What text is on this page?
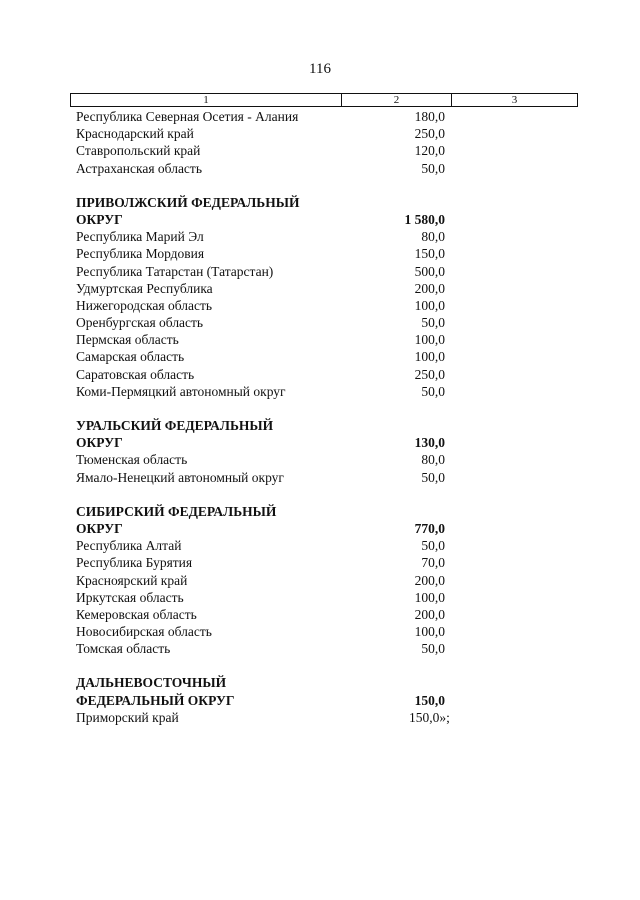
116
1	2	3
Республика Северная Осетия - Алания	180,0
Краснодарский край	250,0
Ставропольский край	120,0
Астраханская область	50,0
ПРИВОЛЖСКИЙ ФЕДЕРАЛЬНЫЙ
ОКРУГ	1 580,0
Республика Марий Эл	80,0
Республика Мордовия	150,0
Республика Татарстан (Татарстан)	500,0
Удмуртская Республика	200,0
Нижегородская область	100,0
Оренбургская область	50,0
Пермская область	100,0
Самарская область	100,0
Саратовская область	250,0
Коми-Пермяцкий автономный округ	50,0
УРАЛЬСКИЙ ФЕДЕРАЛЬНЫЙ
ОКРУГ	130,0
Тюменская область	80,0
Ямало-Ненецкий автономный округ	50,0
СИБИРСКИЙ ФЕДЕРАЛЬНЫЙ
ОКРУГ	770,0
Республика Алтай	50,0
Республика Бурятия	70,0
Красноярский край	200,0
Иркутская область	100,0
Кемеровская область	200,0
Новосибирская область	100,0
Томская область	50,0
ДАЛЬНЕВОСТОЧНЫЙ
ФЕДЕРАЛЬНЫЙ ОКРУГ	150,0
Приморский край	150,0»;
